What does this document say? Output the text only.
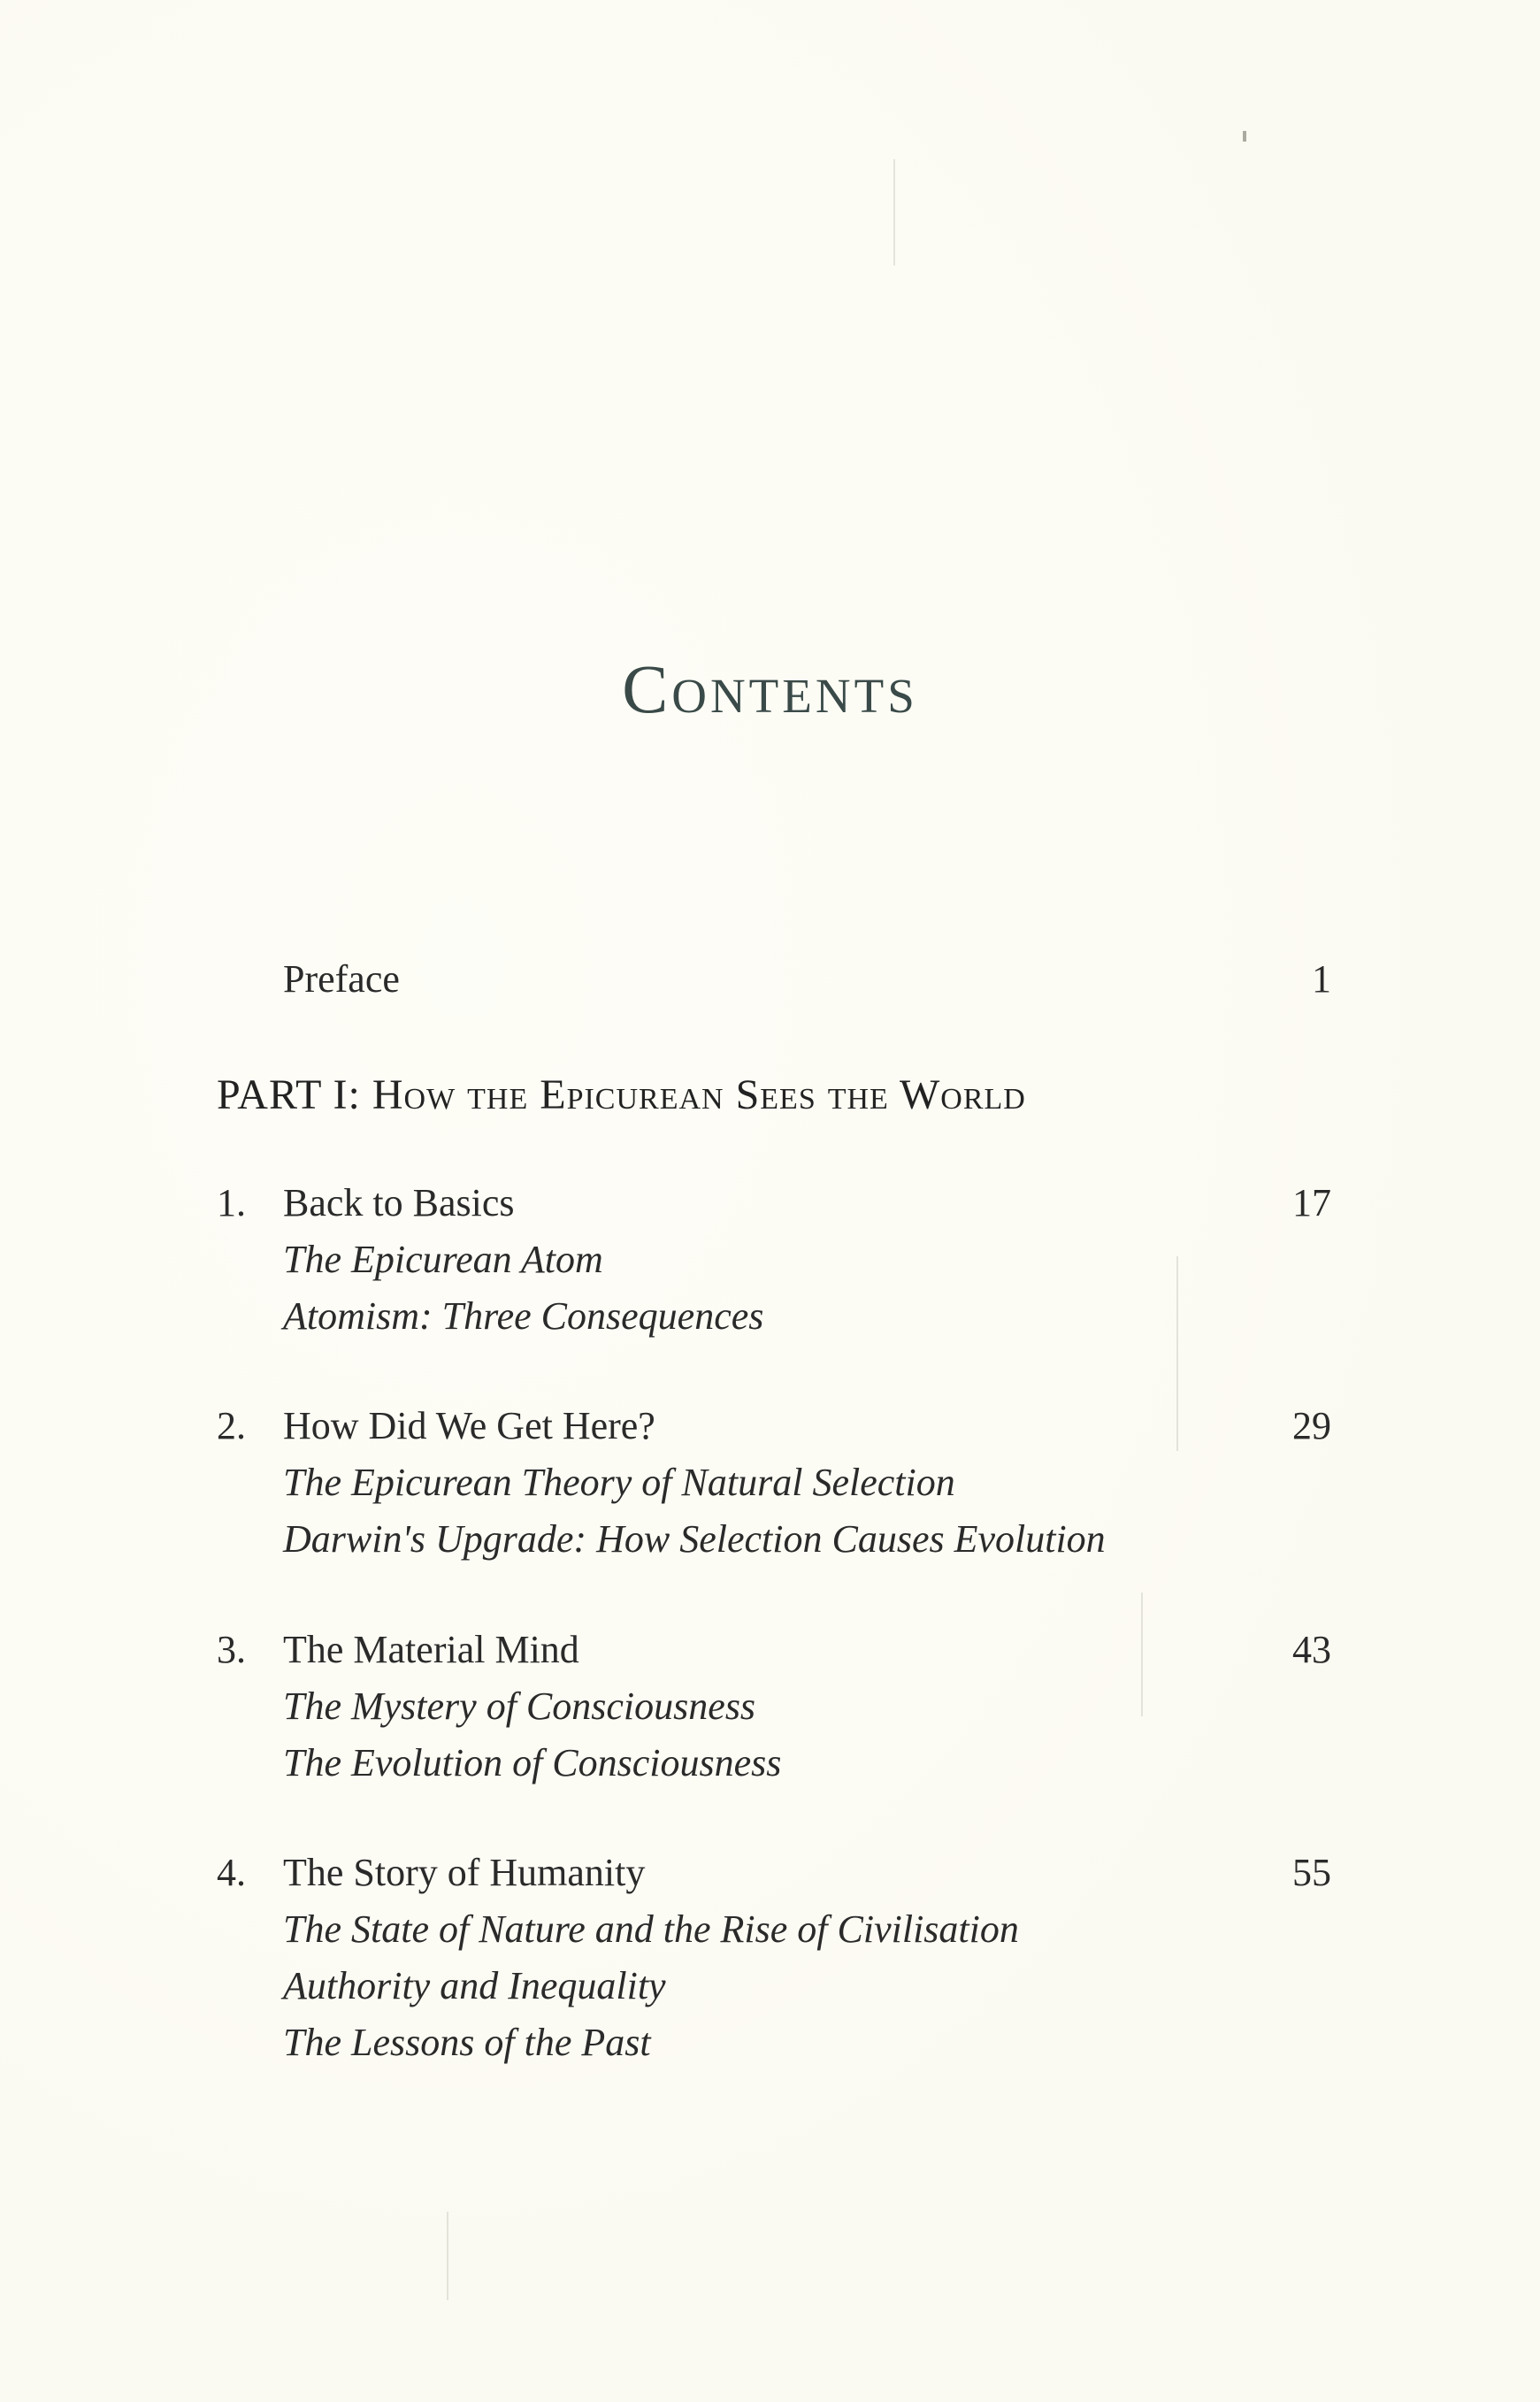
Contents
Preface	1
PART I: How the Epicurean Sees the World
1. Back to Basics	17
The Epicurean Atom
Atomism: Three Consequences
2. How Did We Get Here?	29
The Epicurean Theory of Natural Selection
Darwin's Upgrade: How Selection Causes Evolution
3. The Material Mind	43
The Mystery of Consciousness
The Evolution of Consciousness
4. The Story of Humanity	55
The State of Nature and the Rise of Civilisation
Authority and Inequality
The Lessons of the Past
